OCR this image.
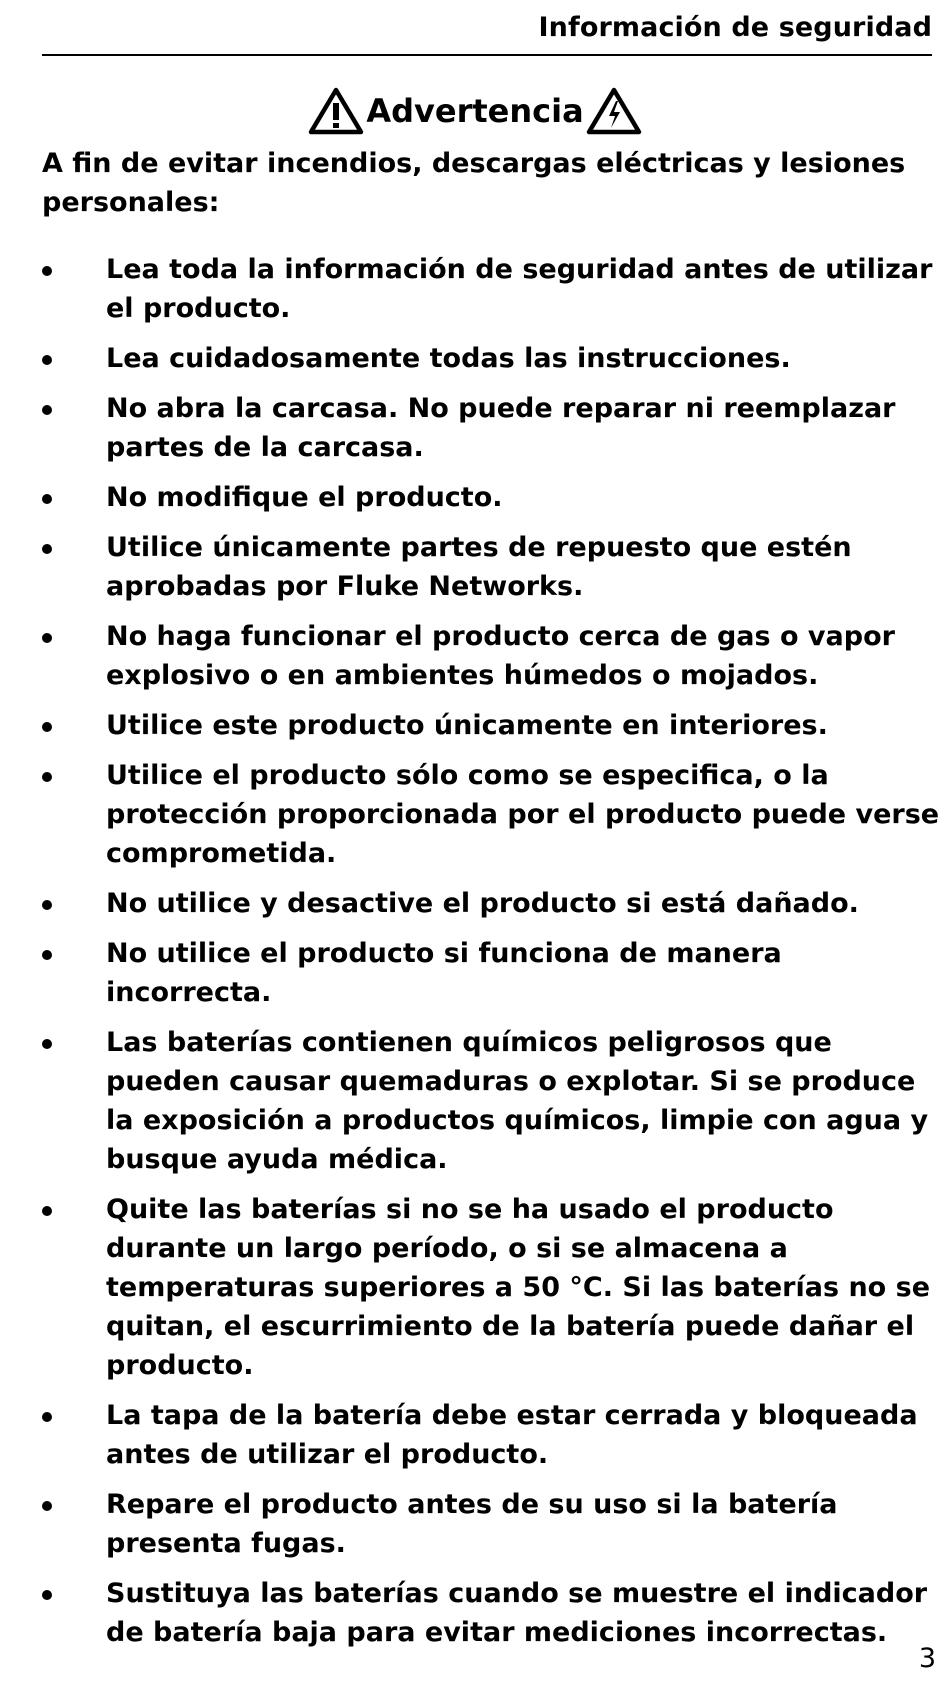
Información de seguridad
Advertencia
A fin de evitar incendios, descargas eléctricas y lesiones personales:
Lea toda la información de seguridad antes de utilizar el producto.
Lea cuidadosamente todas las instrucciones.
No abra la carcasa. No puede reparar ni reemplazar partes de la carcasa.
No modifique el producto.
Utilice únicamente partes de repuesto que estén aprobadas por Fluke Networks.
No haga funcionar el producto cerca de gas o vapor explosivo o en ambientes húmedos o mojados.
Utilice este producto únicamente en interiores.
Utilice el producto sólo como se especifica, o la protección proporcionada por el producto puede verse comprometida.
No utilice y desactive el producto si está dañado.
No utilice el producto si funciona de manera incorrecta.
Las baterías contienen químicos peligrosos que pueden causar quemaduras o explotar. Si se produce la exposición a productos químicos, limpie con agua y busque ayuda médica.
Quite las baterías si no se ha usado el producto durante un largo período, o si se almacena a temperaturas superiores a 50 °C. Si las baterías no se quitan, el escurrimiento de la batería puede dañar el producto.
La tapa de la batería debe estar cerrada y bloqueada antes de utilizar el producto.
Repare el producto antes de su uso si la batería presenta fugas.
Sustituya las baterías cuando se muestre el indicador de batería baja para evitar mediciones incorrectas.
3
